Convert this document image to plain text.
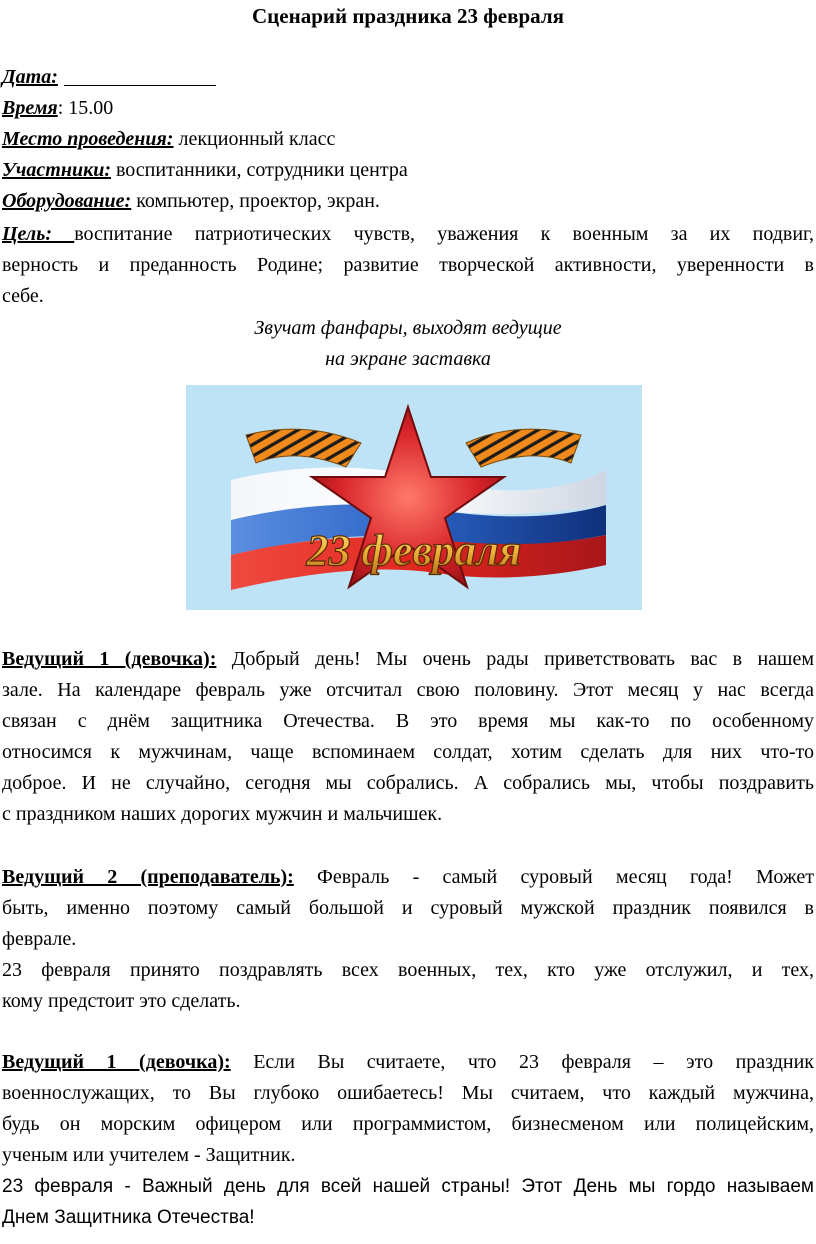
Сценарий праздника 23 февраля
Дата:
Время: 15.00
Место проведения: лекционный класс
Участники: воспитанники, сотрудники центра
Оборудование: компьютер, проектор, экран.
Цель: воспитание патриотических чувств, уважения к военным за их подвиг,
верность и преданность Родине; развитие творческой активности, уверенности в
себе.
Звучат фанфары, выходят ведущие
на экране заставка
23 февраля
Ведущий 1 (девочка): Добрый день! Мы очень рады приветствовать вас в нашем
зале. На календаре февраль уже отсчитал свою половину. Этот месяц у нас всегда
связан с днём защитника Отечества. В это время мы как-то по особенному
относимся к мужчинам, чаще вспоминаем солдат, хотим сделать для них что-то
доброе. И не случайно, сегодня мы собрались. А собрались мы, чтобы поздравить
с праздником наших дорогих мужчин и мальчишек.
Ведущий 2 (преподаватель): Февраль - самый суровый месяц года! Может
быть, именно поэтому самый большой и суровый мужской праздник появился в
феврале.
23 февраля принято поздравлять всех военных, тех, кто уже отслужил, и тех,
кому предстоит это сделать.
Ведущий 1 (девочка): Если Вы считаете, что 23 февраля – это праздник
военнослужащих, то Вы глубоко ошибаетесь! Мы считаем, что каждый мужчина,
будь он морским офицером или программистом, бизнесменом или полицейским,
ученым или учителем - Защитник.
23 февраля - Важный день для всей нашей страны! Этот День мы гордо называем
Днем Защитника Отечества!
